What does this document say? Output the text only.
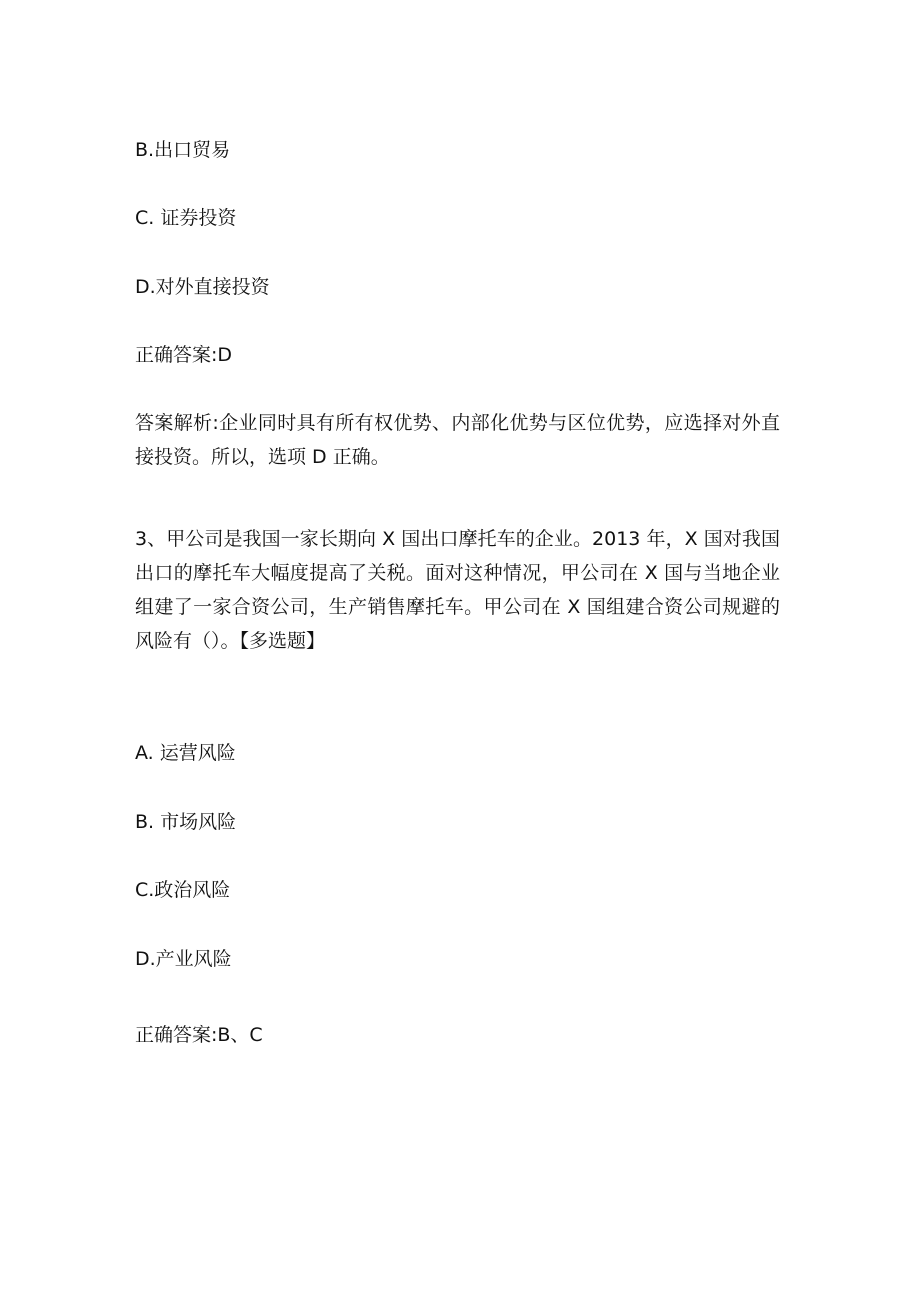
B.出口贸易
C. 证券投资
D.对外直接投资
正确答案:D
答案解析:企业同时具有所有权优势、内部化优势与区位优势，应选择对外直接投资。所以，选项 D 正确。
3、甲公司是我国一家长期向 X 国出口摩托车的企业。2013 年，X 国对我国出口的摩托车大幅度提高了关税。面对这种情况，甲公司在 X 国与当地企业组建了一家合资公司，生产销售摩托车。甲公司在 X 国组建合资公司规避的风险有（）。【多选题】
A. 运营风险
B. 市场风险
C.政治风险
D.产业风险
正确答案:B、C
